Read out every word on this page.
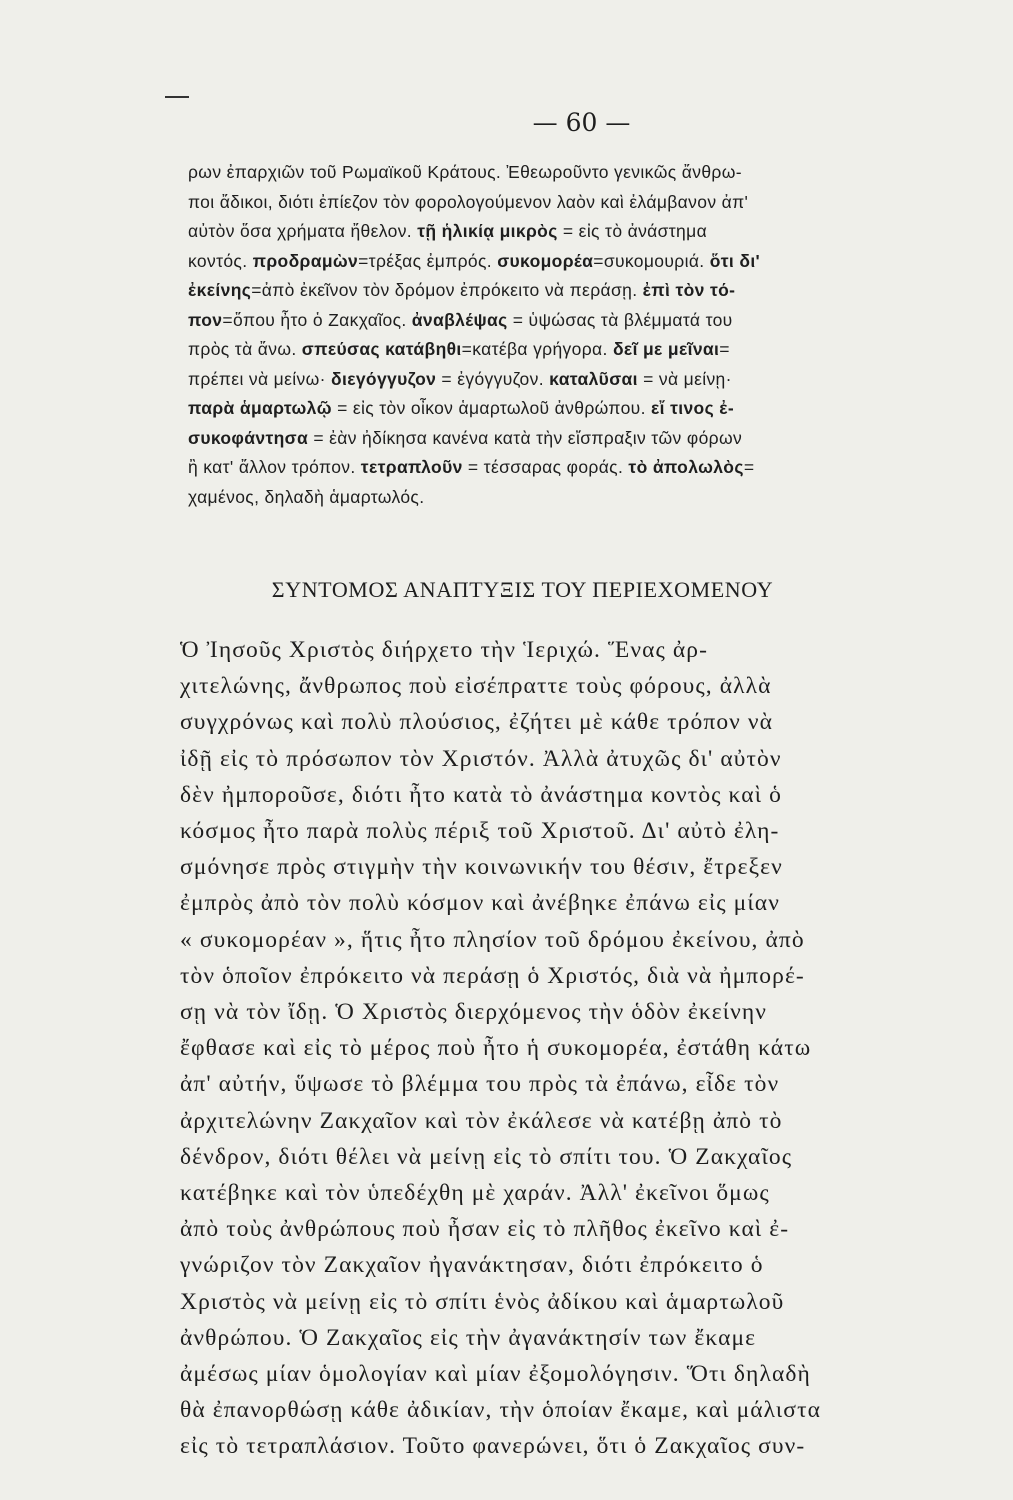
— 60 —
ρων ἐπαρχιῶν τοῦ Ρωμαϊκοῦ Κράτους. Ἐθεωροῦντο γενικῶς ἄνθρω-
ποι ἄδικοι, διότι ἐπίεζον τὸν φορολογούμενον λαὸν καὶ ἐλάμβανον ἀπ'
αὐτὸν ὅσα χρήματα ἤθελον. τῇ ἡλικίᾳ μικρὸς = εἰς τὸ ἀνάστημα
κοντός. προδραμὼν=τρέξας ἐμπρός. συκομορέα=συκομουριά. ὅτι δι'
ἐκείνης=ἀπὸ ἐκεῖνον τὸν δρόμον ἐπρόκειτο νὰ περάσῃ. ἐπὶ τὸν τό-
πον=ὅπου ἦτο ὁ Ζακχαῖος. ἀναβλέψας = ὑψώσας τὰ βλέμματά του
πρὸς τὰ ἄνω. σπεύσας κατάβηθι=κατέβα γρήγορα. δεῖ με μεῖναι=
πρέπει νὰ μείνω· διεγόγγυζον = ἐγόγγυζον. καταλῦσαι = νὰ μείνῃ·
παρὰ ἁμαρτωλῷ = εἰς τὸν οἶκον ἁμαρτωλοῦ ἀνθρώπου. εἴ τινος ἐ-
συκοφάντησα = ἐὰν ἠδίκησα κανένα κατὰ τὴν εἴσπραξιν τῶν φόρων
ἢ κατ' ἄλλον τρόπον. τετραπλοῦν = τέσσαρας φοράς. τὸ ἀπολωλὸς=
χαμένος, δηλαδὴ ἁμαρτωλός.
ΣΥΝΤΟΜΟΣ ΑΝΑΠΤΥΞΙΣ ΤΟΥ ΠΕΡΙΕΧΟΜΕΝΟΥ
Ὁ Ἰησοῦς Χριστὸς διήρχετο τὴν Ἱεριχώ. Ἕνας ἀρ-
χιτελώνης, ἄνθρωπος ποὺ εἰσέπραττε τοὺς φόρους, ἀλλὰ
συγχρόνως καὶ πολὺ πλούσιος, ἐζήτει μὲ κάθε τρόπον νὰ
ἰδῇ εἰς τὸ πρόσωπον τὸν Χριστόν. Ἀλλὰ ἀτυχῶς δι' αὐτὸν
δὲν ἠμποροῦσε, διότι ἦτο κατὰ τὸ ἀνάστημα κοντὸς καὶ ὁ
κόσμος ἦτο παρὰ πολὺς πέριξ τοῦ Χριστοῦ. Δι' αὐτὸ ἐλη-
σμόνησε πρὸς στιγμὴν τὴν κοινωνικήν του θέσιν, ἔτρεξεν
ἐμπρὸς ἀπὸ τὸν πολὺ κόσμον καὶ ἀνέβηκε ἐπάνω εἰς μίαν
« συκομορέαν », ἥτις ἦτο πλησίον τοῦ δρόμου ἐκείνου, ἀπὸ
τὸν ὁποῖον ἐπρόκειτο νὰ περάσῃ ὁ Χριστός, διὰ νὰ ἠμπορέ-
σῃ νὰ τὸν ἴδῃ. Ὁ Χριστὸς διερχόμενος τὴν ὁδὸν ἐκείνην
ἔφθασε καὶ εἰς τὸ μέρος ποὺ ἦτο ἡ συκομορέα, ἐστάθη κάτω
ἀπ' αὐτήν, ὕψωσε τὸ βλέμμα του πρὸς τὰ ἐπάνω, εἶδε τὸν
ἀρχιτελώνην Ζακχαῖον καὶ τὸν ἐκάλεσε νὰ κατέβῃ ἀπὸ τὸ
δένδρον, διότι θέλει νὰ μείνῃ εἰς τὸ σπίτι του. Ὁ Ζακχαῖος
κατέβηκε καὶ τὸν ὑπεδέχθη μὲ χαράν. Ἀλλ' ἐκεῖνοι ὅμως
ἀπὸ τοὺς ἀνθρώπους ποὺ ἦσαν εἰς τὸ πλῆθος ἐκεῖνο καὶ ἐ-
γνώριζον τὸν Ζακχαῖον ἠγανάκτησαν, διότι ἐπρόκειτο ὁ
Χριστὸς νὰ μείνῃ εἰς τὸ σπίτι ἑνὸς ἀδίκου καὶ ἁμαρτωλοῦ
ἀνθρώπου. Ὁ Ζακχαῖος εἰς τὴν ἀγανάκτησίν των ἔκαμε
ἀμέσως μίαν ὁμολογίαν καὶ μίαν ἐξομολόγησιν. Ὅτι δηλαδὴ
θὰ ἐπανορθώσῃ κάθε ἀδικίαν, τὴν ὁποίαν ἔκαμε, καὶ μάλιστα
εἰς τὸ τετραπλάσιον. Τοῦτο φανερώνει, ὅτι ὁ Ζακχαῖος συν-
